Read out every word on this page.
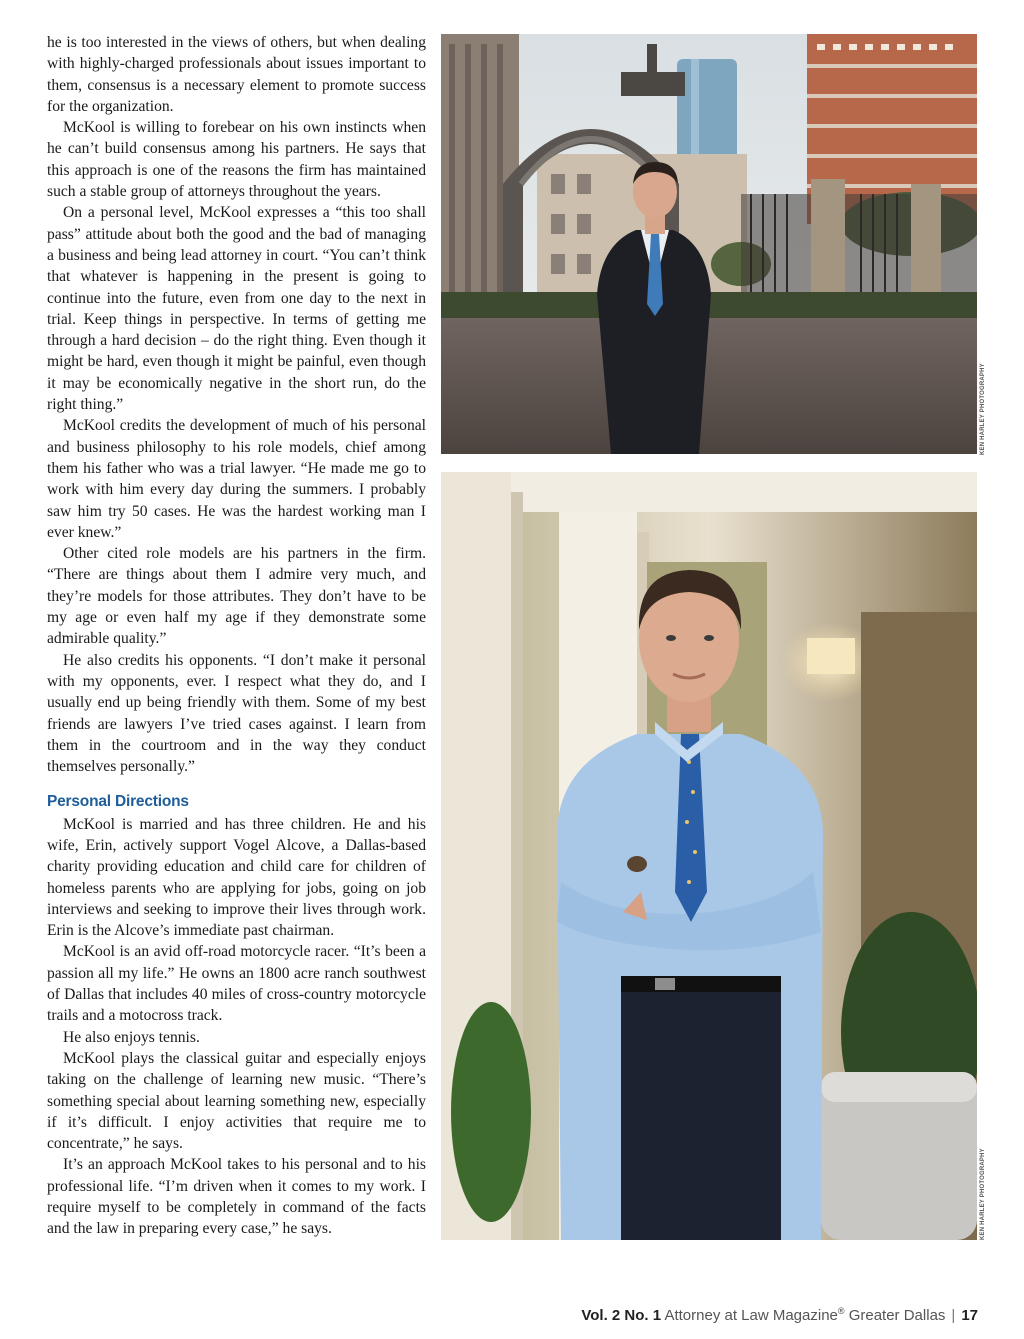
he is too interested in the views of others, but when dealing with highly-charged professionals about issues important to them, consensus is a necessary element to promote success for the organization.

McKool is willing to forebear on his own instincts when he can’t build consensus among his partners. He says that this approach is one of the reasons the firm has maintained such a stable group of attorneys throughout the years.

On a personal level, McKool expresses a “this too shall pass” attitude about both the good and the bad of managing a business and being lead attorney in court. “You can’t think that whatever is happening in the present is going to continue into the future, even from one day to the next in trial. Keep things in perspective. In terms of getting me through a hard decision – do the right thing. Even though it might be hard, even though it might be painful, even though it may be economically negative in the short run, do the right thing.”

McKool credits the development of much of his personal and business philosophy to his role models, chief among them his father who was a trial lawyer. “He made me go to work with him every day during the summers. I probably saw him try 50 cases. He was the hardest working man I ever knew.”

Other cited role models are his partners in the firm. “There are things about them I admire very much, and they’re models for those attributes. They don’t have to be my age or even half my age if they demonstrate some admirable quality.”

He also credits his opponents. “I don’t make it personal with my opponents, ever. I respect what they do, and I usually end up being friendly with them. Some of my best friends are lawyers I’ve tried cases against. I learn from them in the courtroom and in the way they conduct themselves personally.”

Personal Directions

McKool is married and has three children. He and his wife, Erin, actively support Vogel Alcove, a Dallas-based charity providing education and child care for children of homeless parents who are applying for jobs, going on job interviews and seeking to improve their lives through work. Erin is the Alcove’s immediate past chairman.

McKool is an avid off-road motorcycle racer. “It’s been a passion all my life.” He owns an 1800 acre ranch southwest of Dallas that includes 40 miles of cross-country motorcycle trails and a motocross track.

He also enjoys tennis.

McKool plays the classical guitar and especially enjoys taking on the challenge of learning new music. “There’s something special about learning something new, especially if it’s difficult. I enjoy activities that require me to concentrate,” he says.

It’s an approach McKool takes to his personal and to his professional life. “I’m driven when it comes to my work. I require myself to be completely in command of the facts and the law in preparing every case,” he says.

KEN HARLEY PHOTOGRAPHY
KEN HARLEY PHOTOGRAPHY
Vol. 2 No. 1 Attorney at Law Magazine® Greater Dallas | 17
